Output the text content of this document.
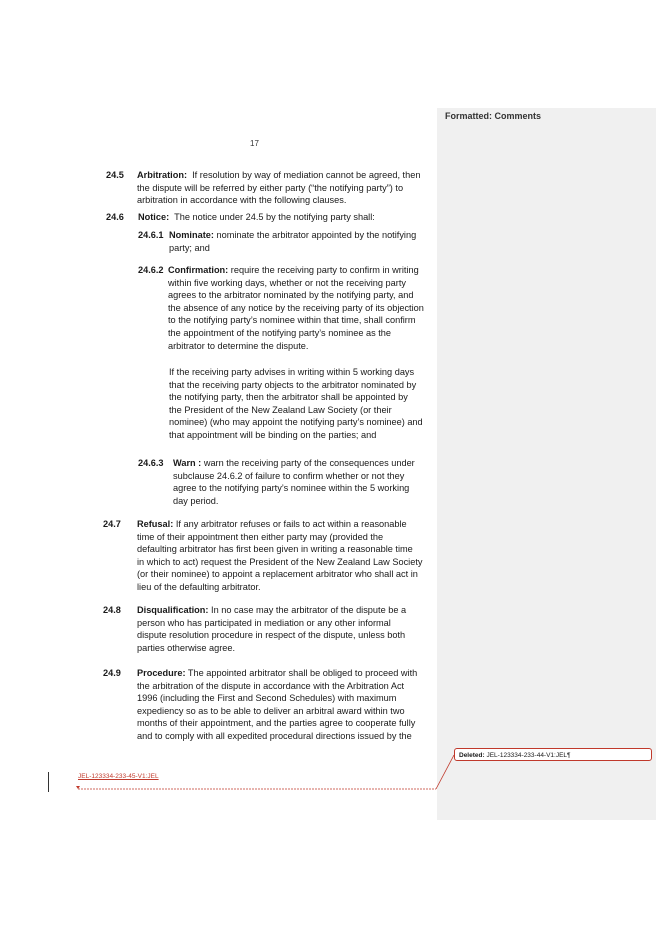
Formatted: Comments
17
24.5 Arbitration: If resolution by way of mediation cannot be agreed, then
the dispute will be referred by either party (“the notifying party”) to
arbitration in accordance with the following clauses.
24.6 Notice: The notice under 24.5 by the notifying party shall:
24.6.1 Nominate: nominate the arbitrator appointed by the notifying
party; and
24.6.2 Confirmation: require the receiving party to confirm in writing
within five working days, whether or not the receiving party
agrees to the arbitrator nominated by the notifying party, and
the absence of any notice by the receiving party of its objection
to the notifying party’s nominee within that time, shall confirm
the appointment of the notifying party’s nominee as the
arbitrator to determine the dispute.
If the receiving party advises in writing within 5 working days
that the receiving party objects to the arbitrator nominated by
the notifying party, then the arbitrator shall be appointed by
the President of the New Zealand Law Society (or their
nominee) (who may appoint the notifying party’s nominee) and
that appointment will be binding on the parties; and
24.6.3 Warn : warn the receiving party of the consequences under
subclause 24.6.2 of failure to confirm whether or not they
agree to the notifying party’s nominee within the 5 working
day period.
24.7 Refusal: If any arbitrator refuses or fails to act within a reasonable
time of their appointment then either party may (provided the
defaulting arbitrator has first been given in writing a reasonable time
in which to act) request the President of the New Zealand Law Society
(or their nominee) to appoint a replacement arbitrator who shall act in
lieu of the defaulting arbitrator.
24.8 Disqualification: In no case may the arbitrator of the dispute be a
person who has participated in mediation or any other informal
dispute resolution procedure in respect of the dispute, unless both
parties otherwise agree.
24.9 Procedure: The appointed arbitrator shall be obliged to proceed with
the arbitration of the dispute in accordance with the Arbitration Act
1996 (including the First and Second Schedules) with maximum
expediency so as to be able to deliver an arbitral award within two
months of their appointment, and the parties agree to cooperate fully
and to comply with all expedited procedural directions issued by the
JEL-123334-233-45-V1:JEL
Deleted: JEL-123334-233-44-V1:JEL¶
